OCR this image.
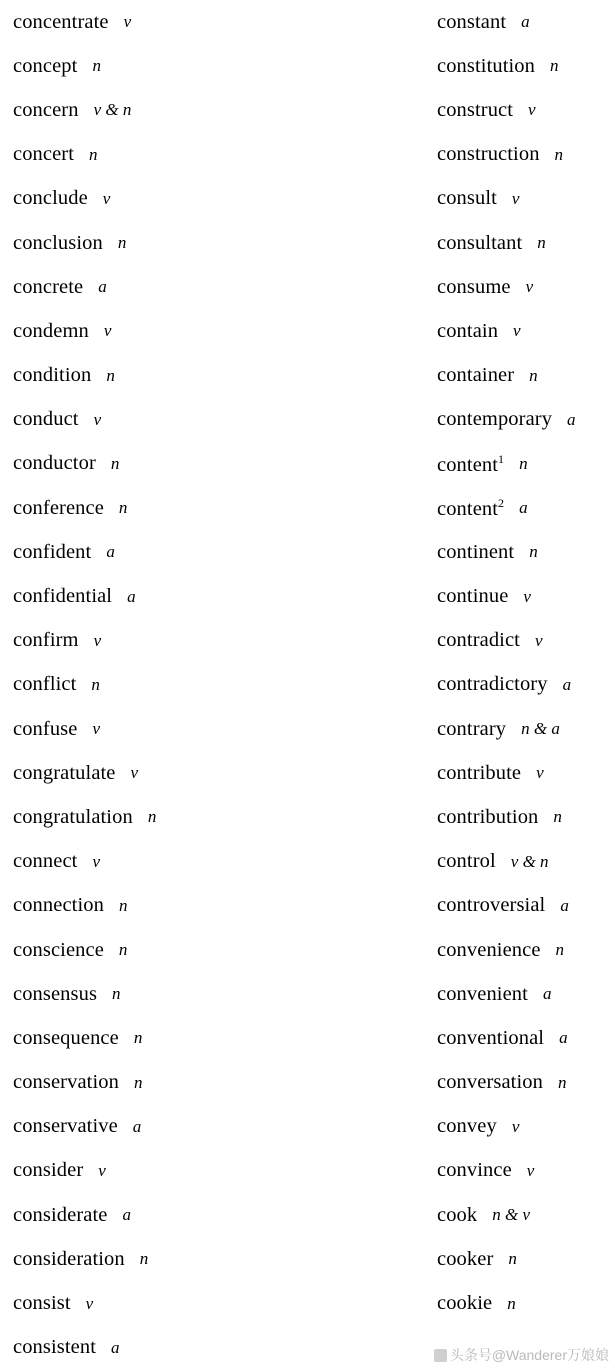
concentrate v
concept n
concern v & n
concert n
conclude v
conclusion n
concrete a
condemn v
condition n
conduct v
conductor n
conference n
confident a
confidential a
confirm v
conflict n
confuse v
congratulate v
congratulation n
connect v
connection n
conscience n
consensus n
consequence n
conservation n
conservative a
consider v
considerate a
consideration n
consist v
consistent a
constant a
constitution n
construct v
construction n
consult v
consultant n
consume v
contain v
container n
contemporary a
content$^1$ n
content$^2$ a
continent n
continue v
contradict v
contradictory a
contrary n & a
contribute v
contribution n
control v & n
controversial a
convenience n
convenient a
conventional a
conversation n
convey v
convince v
cook n & v
cooker n
cookie n
头条号@Wanderer万娘娘
